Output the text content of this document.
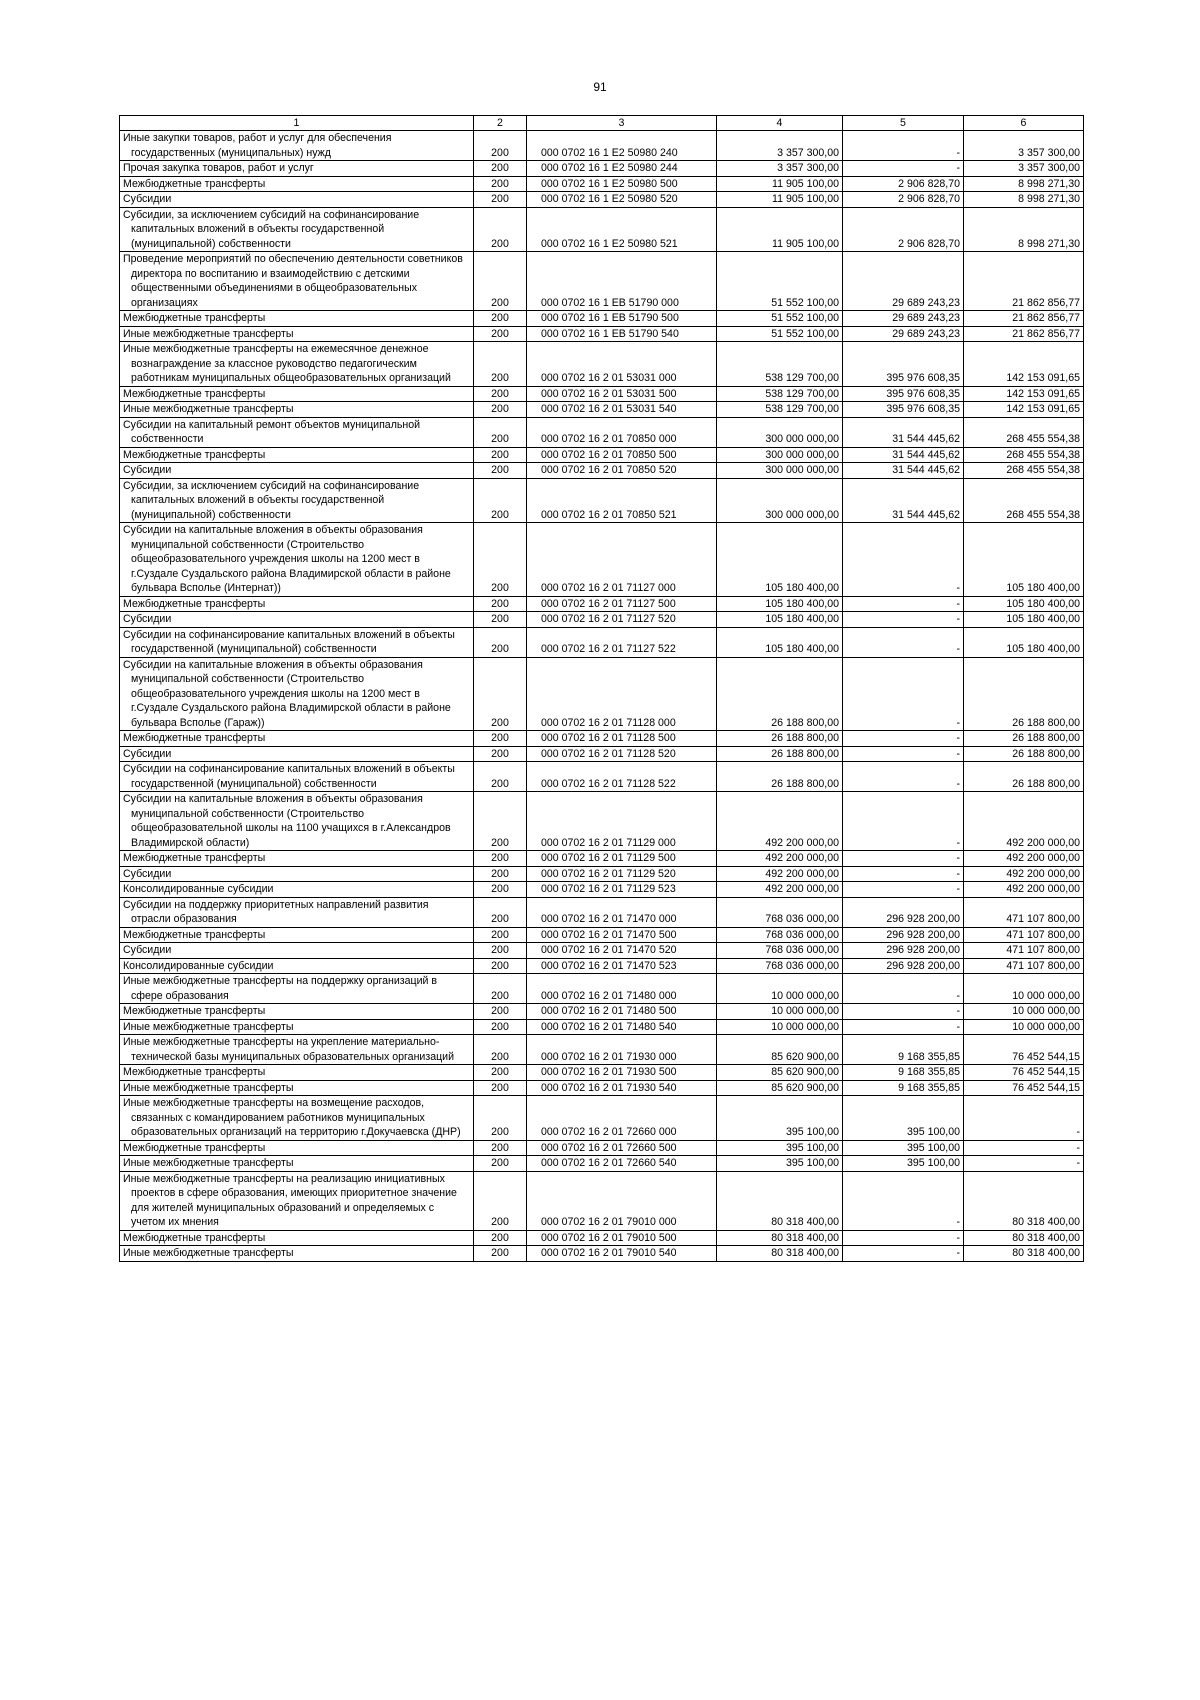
91
1	2	3	4	5	6

Иные закупки товаров, работ и услуг для обеспечения государственных (муниципальных) нужд	200	000 0702 16 1 E2 50980 240	3 357 300,00	-	3 357 300,00

Прочая закупка товаров, работ и услуг	200	000 0702 16 1 E2 50980 244	3 357 300,00	-	3 357 300,00

Межбюджетные трансферты	200	000 0702 16 1 E2 50980 500	11 905 100,00	2 906 828,70	8 998 271,30

Субсидии	200	000 0702 16 1 E2 50980 520	11 905 100,00	2 906 828,70	8 998 271,30

Субсидии, за исключением субсидий на софинансирование капитальных вложений в объекты государственной (муниципальной) собственности	200	000 0702 16 1 E2 50980 521	11 905 100,00	2 906 828,70	8 998 271,30

Проведение мероприятий по обеспечению деятельности советников директора по воспитанию и взаимодействию с детскими общественными объединениями в общеобразовательных организациях	200	000 0702 16 1 EB 51790 000	51 552 100,00	29 689 243,23	21 862 856,77

Межбюджетные трансферты	200	000 0702 16 1 EB 51790 500	51 552 100,00	29 689 243,23	21 862 856,77

Иные межбюджетные трансферты	200	000 0702 16 1 EB 51790 540	51 552 100,00	29 689 243,23	21 862 856,77

Иные межбюджетные трансферты на ежемесячное денежное вознаграждение за классное руководство педагогическим работникам муниципальных общеобразовательных организаций	200	000 0702 16 2 01 53031 000	538 129 700,00	395 976 608,35	142 153 091,65

Межбюджетные трансферты	200	000 0702 16 2 01 53031 500	538 129 700,00	395 976 608,35	142 153 091,65

Иные межбюджетные трансферты	200	000 0702 16 2 01 53031 540	538 129 700,00	395 976 608,35	142 153 091,65

Субсидии на капитальный ремонт объектов муниципальной собственности	200	000 0702 16 2 01 70850 000	300 000 000,00	31 544 445,62	268 455 554,38

Межбюджетные трансферты	200	000 0702 16 2 01 70850 500	300 000 000,00	31 544 445,62	268 455 554,38

Субсидии	200	000 0702 16 2 01 70850 520	300 000 000,00	31 544 445,62	268 455 554,38

Субсидии, за исключением субсидий на софинансирование капитальных вложений в объекты государственной (муниципальной) собственности	200	000 0702 16 2 01 70850 521	300 000 000,00	31 544 445,62	268 455 554,38

Субсидии на капитальные вложения в объекты образования муниципальной собственности (Строительство общеобразовательного учреждения школы на 1200 мест в г.Суздале Суздальского района Владимирской области в районе бульвара Всполье (Интернат))	200	000 0702 16 2 01 71127 000	105 180 400,00	-	105 180 400,00

Межбюджетные трансферты	200	000 0702 16 2 01 71127 500	105 180 400,00	-	105 180 400,00

Субсидии	200	000 0702 16 2 01 71127 520	105 180 400,00	-	105 180 400,00

Субсидии на софинансирование капитальных вложений в объекты государственной (муниципальной) собственности	200	000 0702 16 2 01 71127 522	105 180 400,00	-	105 180 400,00

Субсидии на капитальные вложения в объекты образования муниципальной собственности (Строительство общеобразовательного учреждения школы на 1200 мест в г.Суздале Суздальского района Владимирской области в районе бульвара Всполье (Гараж))	200	000 0702 16 2 01 71128 000	26 188 800,00	-	26 188 800,00

Межбюджетные трансферты	200	000 0702 16 2 01 71128 500	26 188 800,00	-	26 188 800,00

Субсидии	200	000 0702 16 2 01 71128 520	26 188 800,00	-	26 188 800,00

Субсидии на софинансирование капитальных вложений в объекты государственной (муниципальной) собственности	200	000 0702 16 2 01 71128 522	26 188 800,00	-	26 188 800,00

Субсидии на капитальные вложения в объекты образования муниципальной собственности (Строительство общеобразовательной школы на 1100 учащихся в г.Александров Владимирской области)	200	000 0702 16 2 01 71129 000	492 200 000,00	-	492 200 000,00

Межбюджетные трансферты	200	000 0702 16 2 01 71129 500	492 200 000,00	-	492 200 000,00

Субсидии	200	000 0702 16 2 01 71129 520	492 200 000,00	-	492 200 000,00

Консолидированные субсидии	200	000 0702 16 2 01 71129 523	492 200 000,00	-	492 200 000,00

Субсидии на поддержку приоритетных направлений развития отрасли образования	200	000 0702 16 2 01 71470 000	768 036 000,00	296 928 200,00	471 107 800,00

Межбюджетные трансферты	200	000 0702 16 2 01 71470 500	768 036 000,00	296 928 200,00	471 107 800,00

Субсидии	200	000 0702 16 2 01 71470 520	768 036 000,00	296 928 200,00	471 107 800,00

Консолидированные субсидии	200	000 0702 16 2 01 71470 523	768 036 000,00	296 928 200,00	471 107 800,00

Иные межбюджетные трансферты на поддержку организаций в сфере образования	200	000 0702 16 2 01 71480 000	10 000 000,00	-	10 000 000,00

Межбюджетные трансферты	200	000 0702 16 2 01 71480 500	10 000 000,00	-	10 000 000,00

Иные межбюджетные трансферты	200	000 0702 16 2 01 71480 540	10 000 000,00	-	10 000 000,00

Иные межбюджетные трансферты на укрепление материально-технической базы муниципальных образовательных организаций	200	000 0702 16 2 01 71930 000	85 620 900,00	9 168 355,85	76 452 544,15

Межбюджетные трансферты	200	000 0702 16 2 01 71930 500	85 620 900,00	9 168 355,85	76 452 544,15

Иные межбюджетные трансферты	200	000 0702 16 2 01 71930 540	85 620 900,00	9 168 355,85	76 452 544,15

Иные межбюджетные трансферты на возмещение расходов, связанных с командированием работников муниципальных образовательных организаций на территорию г.Докучаевска (ДНР)	200	000 0702 16 2 01 72660 000	395 100,00	395 100,00	-

Межбюджетные трансферты	200	000 0702 16 2 01 72660 500	395 100,00	395 100,00	-

Иные межбюджетные трансферты	200	000 0702 16 2 01 72660 540	395 100,00	395 100,00	-

Иные межбюджетные трансферты на реализацию инициативных проектов в сфере образования, имеющих приоритетное значение для жителей муниципальных образований и определяемых с учетом их мнения	200	000 0702 16 2 01 79010 000	80 318 400,00	-	80 318 400,00

Межбюджетные трансферты	200	000 0702 16 2 01 79010 500	80 318 400,00	-	80 318 400,00

Иные межбюджетные трансферты	200	000 0702 16 2 01 79010 540	80 318 400,00	-	80 318 400,00
